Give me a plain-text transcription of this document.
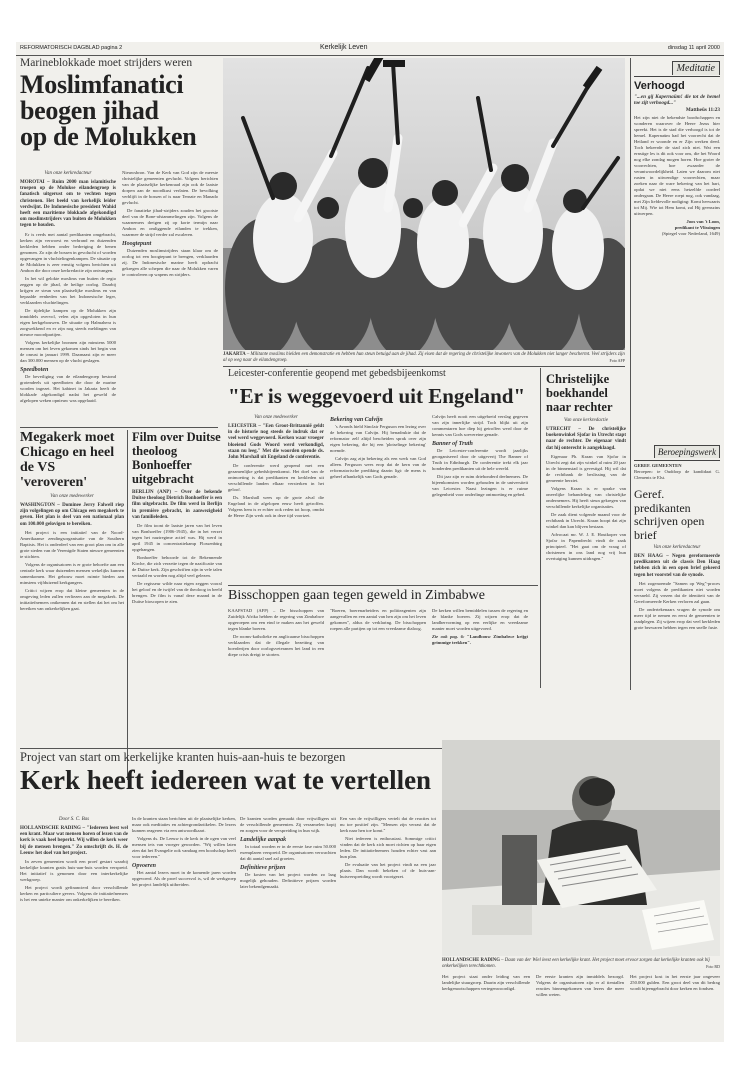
REFORMATORISCH DAGBLAD pagina 2	Kerkelijk Leven	dinsdag 11 april 2000
Marineblokkade moet strijders weren
Moslimfanatici
beogen jihad
op de Molukken
Van onze kerkredacteur

MOROTAI – Ruim 2000 man islamitische troepen op de Molukse eilandengroep is fanatisch uitgerust om te vechten tegen christenen. Het beeld van kerkelijk leider verdwijnt. De Indonesische president Wahid heeft een maritieme blokkade afgekondigd om moslimstrijders van buiten de Molukken tegen te houden.

Er is reeds met aantal predikanten omgebracht, kerken zijn verwoest en verbrand en duizenden kerkleden hebben onder bedreiging de benen genomen. Zo zijn de bossen in gevolucht of worden opgevangen in vluchtelingenkampen. De situatie op de Molukken is zeer ernstig volgens berichten uit Ambon die door onze kerkredactie zijn ontvangen.

In het wil gelokte moslims van buiten de regio zeggen op de jihad, de heilige oorlog. Daarbij krijgen ze steun van plaatselijke moslims en van bepaalde eenheden van het Indonesische leger, verklaarden vluchtelingen.

De tijdelijke kampen op de Molukken zijn inmiddels overvol, velen zijn opgesloten in hun eigen kerkgebouwen. De situatie op Halmahera is zorgwekkend en er zijn nog steeds meldingen van nieuwe moordpartijen.

Volgens kerkelijke bronnen zijn minstens 5000 mensen om het leven gekomen sinds het begin van de onrust in januari 1999. Daarnaast zijn er meer dan 300.000 mensen op de vlucht geslagen.

Speedboten

De beveiliging van de eilandengroep bestond grotendeels uit speedboten die door de marine worden ingezet. Het kabinet in Jakarta heeft de blokkade afgekondigd nadat het geweld de afgelopen weken opnieuw was opgelaaid.

Nieuwsbron. Van de Kerk van God zijn de meeste christelijke gemeenten gevlucht. Volgens berichten van de plaatselijke kerkenraad zijn ook de laatste dorpen aan de noordkust verlaten. De bevolking verblijft in de bossen of is naar Ternate en Manado gevlucht.

De fanatieke jihad-strijders zouden het grootste deel van de Bone-afstammelingen zijn. Volgens de waarnemers dreigen zij op korte termijn naar Ambon en omliggende eilanden te trekken, waarmee de strijd verder zal escaleren.

Hoogtepunt

Duizenden moslimstrijders staan klaar om de oorlog tot een hoogtepunt te brengen, verklaarden zij. De Indonesische marine heeft opdracht gekregen alle schepen die naar de Molukken varen te controleren op wapens en strijders.

JAKARTA – Militante moslims hielden een demonstratie en hebben hun steun betuigd aan de jihad. Zij eisen dat de regering de christelijke inwoners van de Molukken niet langer beschermt. Veel strijders zijn al op weg naar de eilandengroep.	Foto AFP
Megakerk moet Chicago en heel de VS 'veroveren'
Van onze medewerker

WASHINGTON – Dominee Jerry Falwell riep zijn volgelingen op om Chicago een megakerk te geven. Het plan is deel van een nationaal plan om 100.000 gelovigen te bereiken.

Het project is een initiatief van de Noord-Amerikaanse zendingsorganisatie van de Southern Baptists. Het is onderdeel van een groot plan om in alle grote steden van de Verenigde Staten nieuwe gemeenten te stichten.

Volgens de organisatoren is er grote behoefte aan een centrale kerk waar duizenden mensen wekelijks kunnen samenkomen. Het gebouw moet ruimte bieden aan minstens vijfduizend kerkgangers.

Critici wijzen erop dat kleine gemeenten in de omgeving leden zullen verliezen aan de megakerk. De initiatiefnemers ontkennen dat en stellen dat het om het bereiken van onkerkelijken gaat.

Film over Duitse theoloog Bonhoeffer uitgebracht

BERLIJN (ANP) – Over de bekende Duitse theoloog Dietrich Bonhoeffer is een film uitgebracht. De film werd in Berlijn in première gebracht, in aanwezigheid van familieleden.

De film toont de laatste jaren van het leven van Bonhoeffer (1906-1945), die in het verzet tegen het naziregime actief was. Hij werd in april 1945 in concentratiekamp Flossenbürg opgehangen.

Bonhoeffer behoorde tot de Bekennende Kirche, die zich verzette tegen de nazificatie van de Duitse kerk. Zijn geschriften zijn in vele talen vertaald en worden nog altijd veel gelezen.

De regisseur wilde naar eigen zeggen vooral het geloof en de twijfel van de theoloog in beeld brengen. De film is vanaf deze maand in de Duitse bioscopen te zien.

Leicester-conferentie geopend met gebedsbijeenkomst
"Er is weggevoerd uit Engeland"
Van onze medewerker

LEICESTER – "Een Groot-Brittannië geldt in de historie nog steeds de indruk dat er veel werd weggevoerd. Kerken waar vroeger bloeiend Gods Woord werd verkondigd, staan nu leeg." Met die woorden opende ds. John Marshall uit Engeland de conferentie.

De conferentie werd geopend met een gezamenlijke gebedsbijeenkomst. Het doel van de ontmoeting is dat predikanten en kerkleden uit verschillende landen elkaar versterken in het geloof.

Ds. Marshall wees op de grote afval die Engeland in de afgelopen eeuw heeft getroffen. Volgens hem is er echter ook reden tot hoop, omdat de Heere Zijn werk ook in deze tijd voortzet.

Bekering van Calvijn

's Avonds hield Sinclair Ferguson een lezing over de bekering van Calvijn. Hij benadrukte dat de reformator zelf altijd bescheiden sprak over zijn eigen bekering, die hij een 'plotselinge bekering' noemde.

Calvijn zag zijn bekering als een werk van God alleen. Ferguson wees erop dat de kern van de reformatorische prediking daarin ligt: de mens is geheel afhankelijk van Gods genade.

Calvijn heeft nooit een uitgebreid verslag gegeven van zijn innerlijke strijd. Toch blijkt uit zijn commentaren hoe diep hij getroffen werd door de kennis van Gods soevereine genade.

Banner of Truth

De Leicester-conferentie wordt jaarlijks georganiseerd door de uitgeverij The Banner of Truth in Edinburgh. De conferentie trekt elk jaar honderden predikanten uit de hele wereld.

Dit jaar zijn er ruim driehonderd deelnemers. De bijeenkomsten worden gehouden in de universiteit van Leicester. Naast lezingen is er ruime gelegenheid voor onderlinge ontmoeting en gebed.

Bisschoppen gaan tegen geweld in Zimbabwe

KAAPSTAD (AFP) – De bisschoppen van Zuidelijk Afrika hebben de regering van Zimbabwe opgeroepen om een eind te maken aan het geweld tegen blanke boeren.

De rooms-katholieke en anglicaanse bisschoppen verklaarden dat de illegale bezetting van boerderijen door oorlogsveteranen het land in een diepe crisis dreigt te storten.

"Boeren, boerenarbeiders en politieagenten zijn aangevallen en een aantal van hen zijn om het leven gekomen", aldus de verklaring. De bisschoppen roepen alle partijen op tot een vreedzame dialoog.

De kerken willen bemiddelen tussen de regering en de blanke boeren. Zij wijzen erop dat de landhervorming op een eerlijke en vreedzame manier moet worden uitgevoerd.

Zie ook pag. 6: "Landbouw Zimbabwe krijgt grimmige trekken".

Christelijke boekhandel naar rechter
Van onze kerkredactie

UTRECHT – De christelijke boekenwinkel Sjofar in Utrecht stapt naar de rechter. De eigenaar vindt dat hij onterecht is aangeklaagd.

Eigenaar Ph. Kraan van Sjofar in Utrecht zegt dat zijn winkel al ruim 20 jaar in de binnenstad is gevestigd. Hij wil dat de rechtbank de beslissing van de gemeente herziet.

Volgens Kraan is er sprake van oneerlijke behandeling van christelijke ondernemers. Hij heeft steun gekregen van verschillende kerkelijke organisaties.

De zaak dient volgende maand voor de rechtbank in Utrecht. Kraan hoopt dat zijn winkel dan kan blijven bestaan.

Advocaat mr. W. J. E. Houtkoper van Sjofar in Papendrecht vindt de zaak principieel. "Het gaat om de vraag of christenen in ons land nog vrij hun overtuiging kunnen uitdragen."

Meditatie
Verhoogd
"...en gij Kapernaüm! die tot de hemel toe zijt verhoogd..."
Mattheüs 11:23

Het zijn niet de bekendste boodschappen en wonderen waarover de Heere Jezus hier spreekt. Het is de stad die verhoogd is tot de hemel. Kapernaüm had het voorrecht dat de Heiland er woonde en er Zijn werken deed. Toch bekeerde de stad zich niet. Wat een ernstige les is dit ook voor ons, die het Woord nog elke zondag mogen horen. Hoe groter de voorrechten, hoe zwaarder de verantwoordelijkheid. Laten we daarom niet rusten in uitwendige voorrechten, maar zoeken naar de ware bekering van het hart, opdat we niet eens hetzelfde oordeel ondergaan. De Heere roept nog, ook vandaag, met Zijn liefdevolle nodiging: Komt herwaarts tot Mij. Wie tot Hem komt, zal Hij geenszins uitwerpen.

Joos van 't Loon,
predikant te Vlissingen
(Spiegel voor Nederland, 1649)
Beroepingswerk
GEREF. GEMEENTEN
Beroepen: te Ouddorp de kandidaat G. Clements te Elst.
Geref. predikanten schrijven open brief
Van onze kerkredacteur

DEN HAAG – Negen gereformeerde predikanten uit de classis Den Haag hebben zich in een open brief gekeerd tegen het voorstel van de synode.

Het zogenoemde "Samen op Weg"-proces moet volgens de predikanten niet worden versneld. Zij vrezen dat de identiteit van de Gereformeerde Kerken verloren zal gaan.

De ondertekenaars vragen de synode om meer tijd te nemen en eerst de gemeenten te raadplegen. Zij wijzen erop dat veel kerkleden grote bezwaren hebben tegen een snelle fusie.

Project van start om kerkelijke kranten huis-aan-huis te bezorgen
Kerk heeft iedereen wat te vertellen
Door S. C. Bas

HOLLANDSCHE RADING – "Iedereen leest wel een krant. Maar wat mensen horen of lezen van de kerk is vaak heel beperkt. Wij willen de kerk weer bij de mensen brengen." Zo omschrijft ds. H. de Leeuw het doel van het project.

In zeven gemeenten wordt een proef gestart waarbij kerkelijke kranten gratis huis-aan-huis worden verspreid. Het initiatief is genomen door een interkerkelijke werkgroep.

Het project wordt gefinancierd door verschillende kerken en particuliere gevers. Volgens de initiatiefnemers is het een unieke manier om onkerkelijken te bereiken.

In de kranten staan berichten uit de plaatselijke kerken, maar ook meditaties en achtergrondartikelen. De lezers kunnen reageren via een antwoordkaart.

Volgens ds. De Leeuw is de kerk in de ogen van veel mensen iets van vroeger geworden. "Wij willen laten zien dat het Evangelie ook vandaag een boodschap heeft voor iedereen."

Opvoeren

Het aantal lezers moet in de komende jaren worden opgevoerd. Als de proef succesvol is, wil de werkgroep het project landelijk uitbreiden.

De kranten worden gemaakt door vrijwilligers uit de verschillende gemeenten. Zij verzamelen kopij en zorgen voor de verspreiding in hun wijk.

Landelijke aanpak

In totaal worden er in de eerste fase ruim 50.000 exemplaren verspreid. De organisatoren verwachten dat dit aantal snel zal groeien.

Definitieve prijzen

De kosten van het project worden zo laag mogelijk gehouden. Definitieve prijzen worden later bekendgemaakt.

Een van de vrijwilligers vertelt dat de reacties tot nu toe positief zijn. "Mensen zijn verrast dat de kerk naar hen toe komt."

Niet iedereen is enthousiast. Sommige critici vinden dat de kerk zich moet richten op haar eigen leden. De initiatiefnemers houden echter vast aan hun plan.

De evaluatie van het project vindt na een jaar plaats. Dan wordt bekeken of de huis-aan-huisverspreiding wordt voortgezet.

HOLLANDSCHE RADING – Daan van der Wiel leest een kerkelijke krant. Het project moet ervoor zorgen dat kerkelijke kranten ook bij onkerkelijken terechtkomen.	Foto RD

Het project staat onder leiding van een landelijke stuurgroep. Daarin zijn verschillende kerkgenootschappen vertegenwoordigd.

De eerste kranten zijn inmiddels bezorgd. Volgens de organisatoren zijn er al tientallen reacties binnengekomen van lezers die meer willen weten.

Het project kost in het eerste jaar ongeveer 250.000 gulden. Een groot deel van dit bedrag wordt bijeengebracht door kerken en fondsen.
